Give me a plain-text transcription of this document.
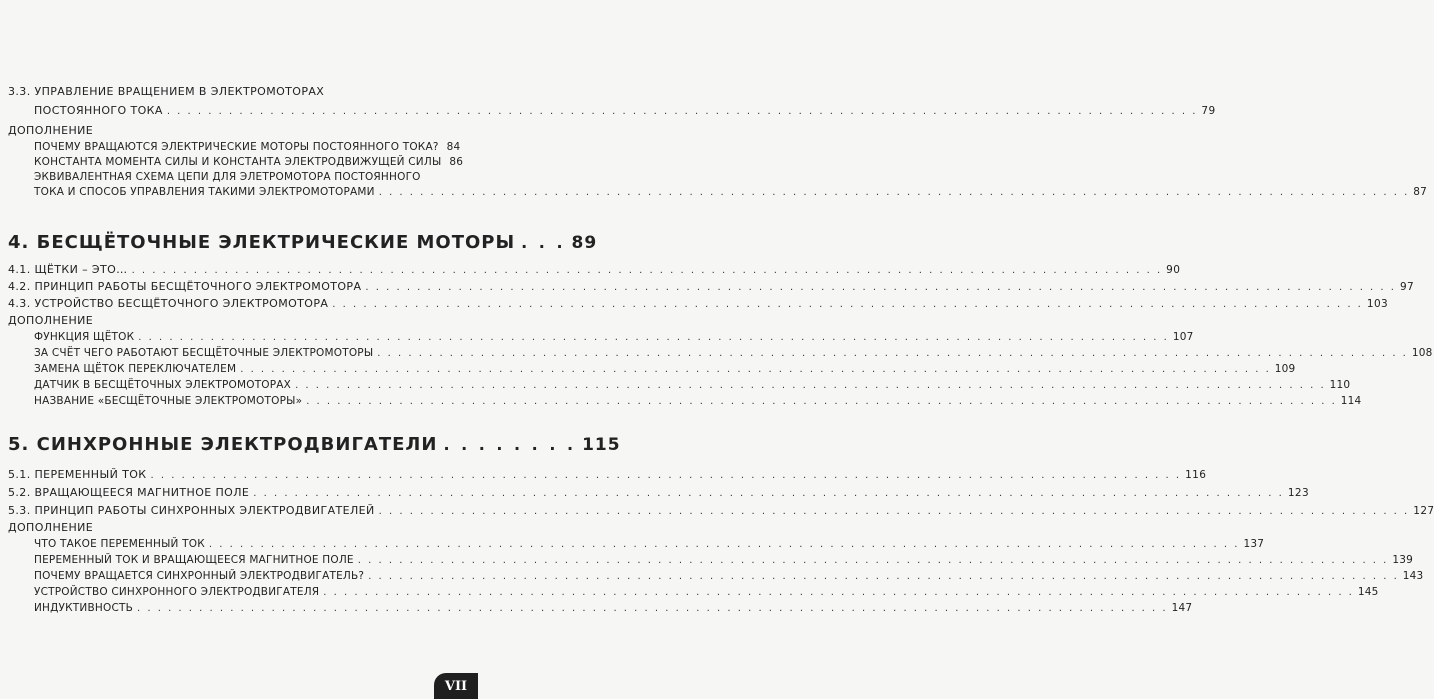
3.3. УПРАВЛЕНИЕ ВРАЩЕНИЕМ В ЭЛЕКТРОМОТОРАХ
ПОСТОЯННОГО ТОКА . . .	79
ДОПОЛНЕНИЕ
ПОЧЕМУ ВРАЩАЮТСЯ ЭЛЕКТРИЧЕСКИЕ МОТОРЫ ПОСТОЯННОГО ТОКА? 84
КОНСТАНТА МОМЕНТА СИЛЫ И КОНСТАНТА ЭЛЕКТРОДВИЖУЩЕЙ СИЛЫ 86
ЭКВИВАЛЕНТНАЯ СХЕМА ЦЕПИ ДЛЯ ЭЛЕТРОМОТОРА ПОСТОЯННОГО
ТОКА И СПОСОБ УПРАВЛЕНИЯ ТАКИМИ ЭЛЕКТРОМОТОРАМИ . . .	87
4. БЕСЩЁТОЧНЫЕ ЭЛЕКТРИЧЕСКИЕ МОТОРЫ . . .	89
4.1. ЩЁТКИ – ЭТО… . . .	90
4.2. ПРИНЦИП РАБОТЫ БЕСЩЁТОЧНОГО ЭЛЕКТРОМОТОРА . . .	97
4.3. УСТРОЙСТВО БЕСЩЁТОЧНОГО ЭЛЕКТРОМОТОРА . . .	103
ДОПОЛНЕНИЕ
ФУНКЦИЯ ЩЁТОК . . .	107
ЗА СЧЁТ ЧЕГО РАБОТАЮТ БЕСЩЁТОЧНЫЕ ЭЛЕКТРОМОТОРЫ . . .	108
ЗАМЕНА ЩЁТОК ПЕРЕКЛЮЧАТЕЛЕМ . . .	109
ДАТЧИК В БЕСЩЁТОЧНЫХ ЭЛЕКТРОМОТОРАХ . . .	110
НАЗВАНИЕ «БЕСЩЁТОЧНЫЕ ЭЛЕКТРОМОТОРЫ» . . .	114
5. СИНХРОННЫЕ ЭЛЕКТРОДВИГАТЕЛИ . . .	115
5.1. ПЕРЕМЕННЫЙ ТОК . . .	116
5.2. ВРАЩАЮЩЕЕСЯ МАГНИТНОЕ ПОЛЕ . . .	123
5.3. ПРИНЦИП РАБОТЫ СИНХРОННЫХ ЭЛЕКТРОДВИГАТЕЛЕЙ . . .	127
ДОПОЛНЕНИЕ
ЧТО ТАКОЕ ПЕРЕМЕННЫЙ ТОК . . .	137
ПЕРЕМЕННЫЙ ТОК И ВРАЩАЮЩЕЕСЯ МАГНИТНОЕ ПОЛЕ . . .	139
ПОЧЕМУ ВРАЩАЕТСЯ СИНХРОННЫЙ ЭЛЕКТРОДВИГАТЕЛЬ? . . .	143
УСТРОЙСТВО СИНХРОННОГО ЭЛЕКТРОДВИГАТЕЛЯ . . .	145
ИНДУКТИВНОСТЬ . . .	147
VII
